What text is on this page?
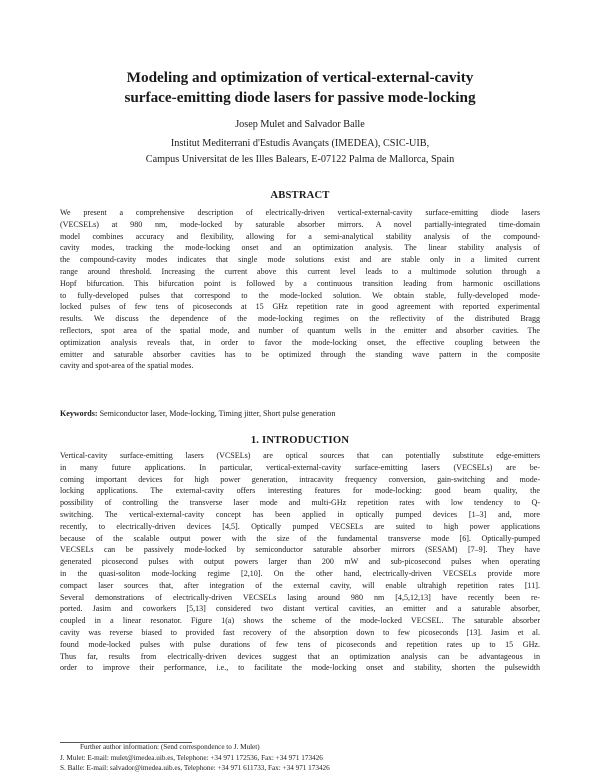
Modeling and optimization of vertical-external-cavity
surface-emitting diode lasers for passive mode-locking
Josep Mulet and Salvador Balle
Institut Mediterrani d'Estudis Avançats (IMEDEA), CSIC-UIB,
Campus Universitat de les Illes Balears, E-07122 Palma de Mallorca, Spain
ABSTRACT
We present a comprehensive description of electrically-driven vertical-external-cavity surface-emitting diode lasers
(VECSELs) at 980 nm, mode-locked by saturable absorber mirrors. A novel partially-integrated time-domain
model combines accuracy and flexibility, allowing for a semi-analytical stability analysis of the compound-
cavity modes, tracking the mode-locking onset and an optimization analysis. The linear stability analysis of
the compound-cavity modes indicates that single mode solutions exist and are stable only in a limited current
range around threshold. Increasing the current above this current level leads to a multimode solution through a
Hopf bifurcation. This bifurcation point is followed by a continuous transition leading from harmonic oscillations
to fully-developed pulses that correspond to the mode-locked solution. We obtain stable, fully-developed mode-
locked pulses of few tens of picoseconds at 15 GHz repetition rate in good agreement with reported experimental
results. We discuss the dependence of the mode-locking regimes on the reflectivity of the distributed Bragg
reflectors, spot area of the spatial mode, and number of quantum wells in the emitter and absorber cavities. The
optimization analysis reveals that, in order to favor the mode-locking onset, the effective coupling between the
emitter and saturable absorber cavities has to be optimized through the standing wave pattern in the composite
cavity and spot-area of the spatial modes.
Keywords: Semiconductor laser, Mode-locking, Timing jitter, Short pulse generation
1. INTRODUCTION
Vertical-cavity surface-emitting lasers (VCSELs) are optical sources that can potentially substitute edge-emitters
in many future applications. In particular, vertical-external-cavity surface-emitting lasers (VECSELs) are be-
coming important devices for high power generation, intracavity frequency conversion, gain-switching and mode-
locking applications. The external-cavity offers interesting features for mode-locking: good beam quality, the
possibility of controlling the transverse laser mode and multi-GHz repetition rates with low tendency to Q-
switching. The vertical-external-cavity concept has been applied in optically pumped devices [1–3] and, more
recently, to electrically-driven devices [4,5]. Optically pumped VECSELs are suited to high power applications
because of the scalable output power with the size of the fundamental transverse mode [6]. Optically-pumped
VECSELs can be passively mode-locked by semiconductor saturable absorber mirrors (SESAM) [7–9]. They have
generated picosecond pulses with output powers larger than 200 mW and sub-picosecond pulses when operating
in the quasi-soliton mode-locking regime [2,10]. On the other hand, electrically-driven VECSELs provide more
compact laser sources that, after integration of the external cavity, will enable ultrahigh repetition rates [11].
Several demonstrations of electrically-driven VECSELs lasing around 980 nm [4,5,12,13] have recently been re-
ported. Jasim and coworkers [5,13] considered two distant vertical cavities, an emitter and a saturable absorber,
coupled in a linear resonator. Figure 1(a) shows the scheme of the mode-locked VECSEL. The saturable absorber
cavity was reverse biased to provided fast recovery of the absorption down to few picoseconds [13]. Jasim et al.
found mode-locked pulses with pulse durations of few tens of picoseconds and repetition rates up to 15 GHz.
Thus far, results from electrically-driven devices suggest that an optimization analysis can be advantageous in
order to improve their performance, i.e., to facilitate the mode-locking onset and stability, shorten the pulsewidth
Further author information: (Send correspondence to J. Mulet)
J. Mulet: E-mail: mulet@imedea.uib.es, Telephone: +34 971 172536, Fax: +34 971 173426
S. Balle: E-mail: salvador@imedea.uib.es, Telephone: +34 971 611733, Fax: +34 971 173426
